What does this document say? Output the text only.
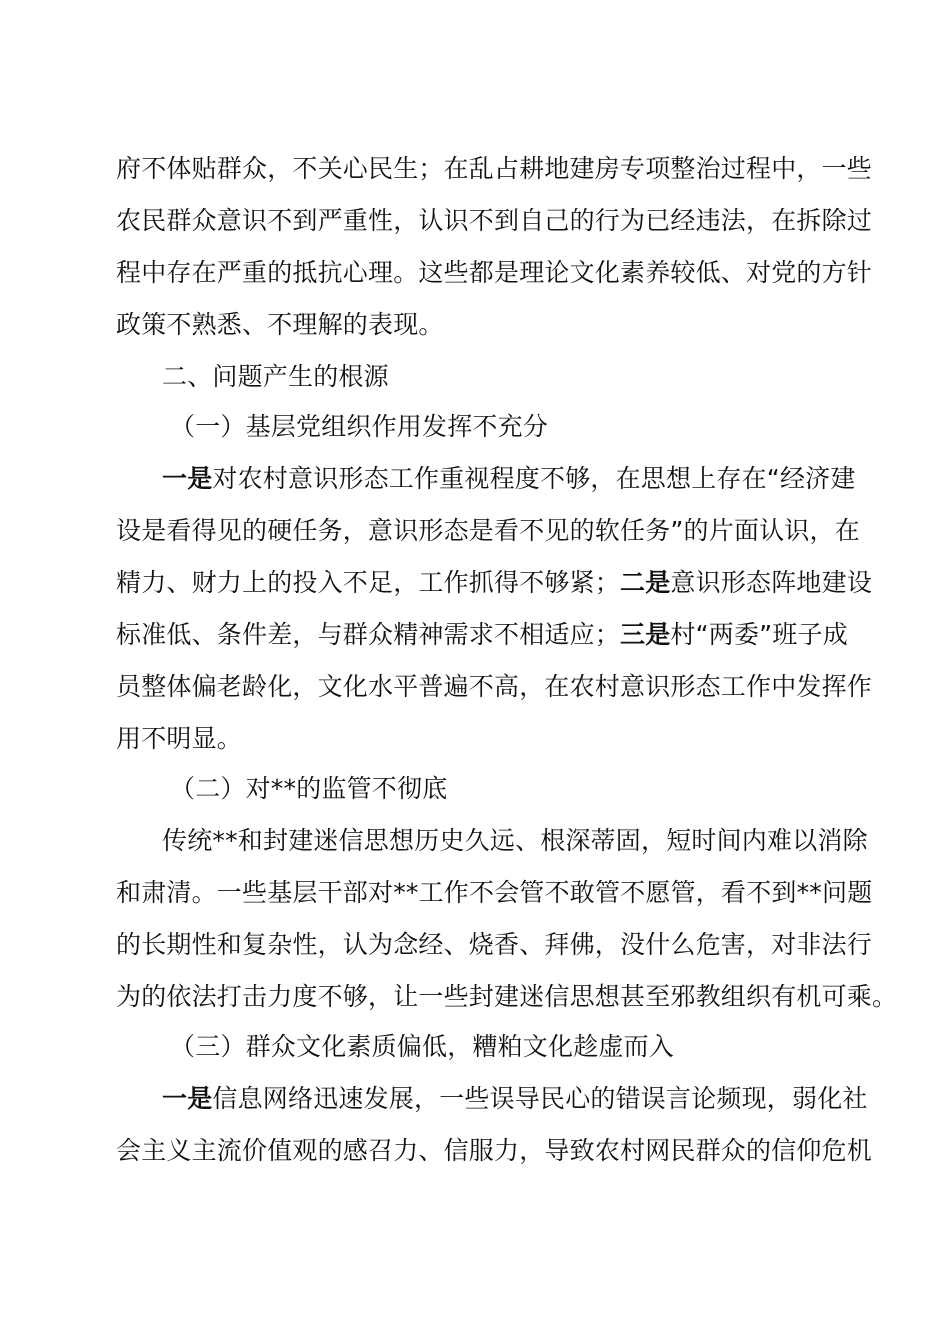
府不体贴群众，不关心民生；在乱占耕地建房专项整治过程中，一些
农民群众意识不到严重性，认识不到自己的行为已经违法，在拆除过
程中存在严重的抵抗心理。这些都是理论文化素养较低、对党的方针
政策不熟悉、不理解的表现。
二、问题产生的根源
（一）基层党组织作用发挥不充分
一是对农村意识形态工作重视程度不够，在思想上存在“经济建
设是看得见的硬任务，意识形态是看不见的软任务”的片面认识，在
精力、财力上的投入不足，工作抓得不够紧；二是意识形态阵地建设
标准低、条件差，与群众精神需求不相适应；三是村“两委”班子成
员整体偏老龄化，文化水平普遍不高，在农村意识形态工作中发挥作
用不明显。
（二）对**的监管不彻底
传统**和封建迷信思想历史久远、根深蒂固，短时间内难以消除
和肃清。一些基层干部对**工作不会管不敢管不愿管，看不到**问题
的长期性和复杂性，认为念经、烧香、拜佛，没什么危害，对非法行
为的依法打击力度不够，让一些封建迷信思想甚至邪教组织有机可乘。
（三）群众文化素质偏低，糟粕文化趁虚而入
一是信息网络迅速发展，一些误导民心的错误言论频现，弱化社
会主义主流价值观的感召力、信服力，导致农村网民群众的信仰危机
